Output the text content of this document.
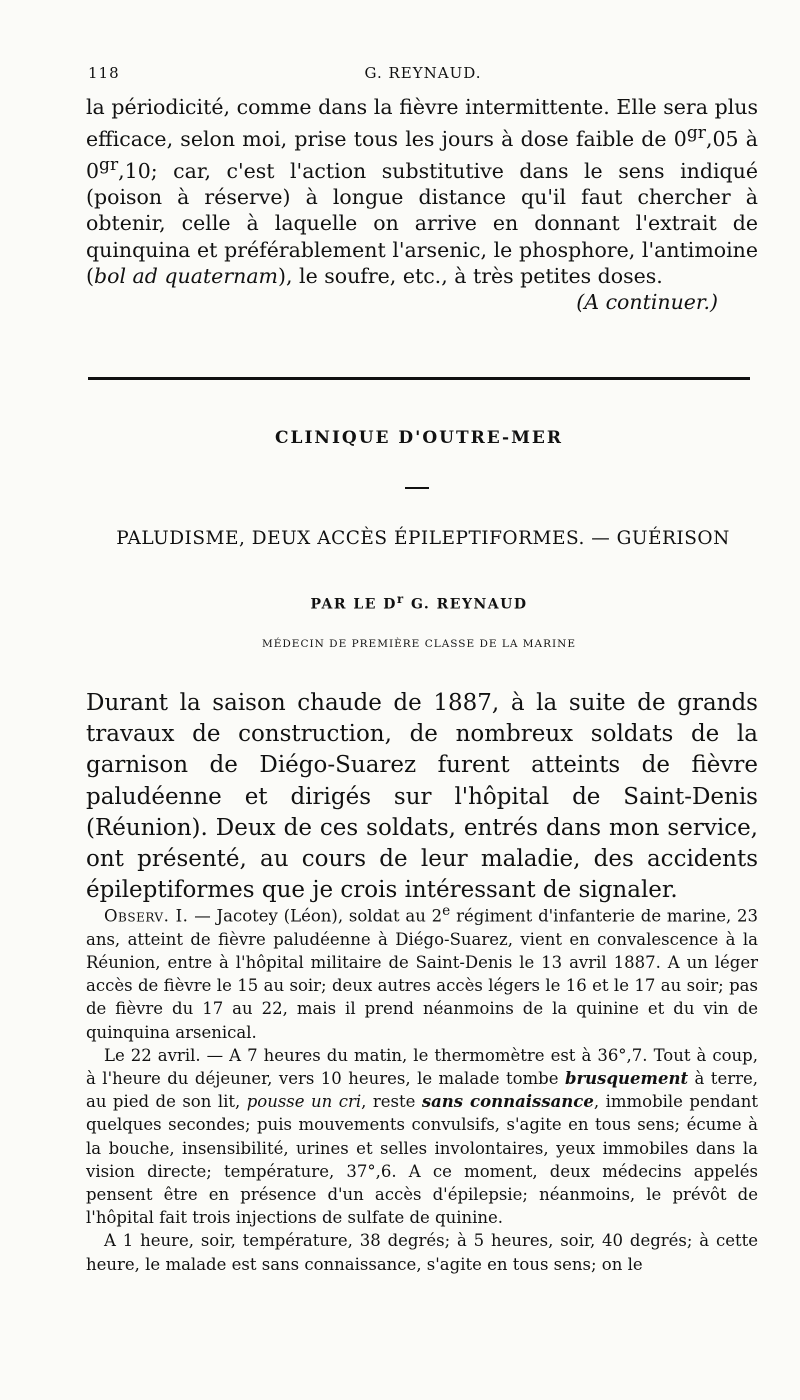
118	G. REYNAUD.

la périodicité, comme dans la fièvre intermittente. Elle sera plus efficace, selon moi, prise tous les jours à dose faible de $0^{gr},05$ à $0^{gr},10$; car, c'est l'action substitutive dans le sens indiqué (poison à réserve) à longue distance qu'il faut chercher à obtenir, celle à laquelle on arrive en donnant l'extrait de quinquina et préférablement l'arsenic, le phosphore, l'antimoine (bol ad quaternam), le soufre, etc., à très petites doses.

(A continuer.)

CLINIQUE D'OUTRE-MER
PALUDISME, DEUX ACCÈS ÉPILEPTIFORMES. — GUÉRISON
PAR LE $D^r$ G. REYNAUD
MÉDECIN DE PREMIÈRE CLASSE DE LA MARINE

Durant la saison chaude de 1887, à la suite de grands travaux de construction, de nombreux soldats de la garnison de Diégo-Suarez furent atteints de fièvre paludéenne et dirigés sur l'hôpital de Saint-Denis (Réunion). Deux de ces soldats, entrés dans mon service, ont présenté, au cours de leur maladie, des accidents épileptiformes que je crois intéressant de signaler.

Observ. I. — Jacotey (Léon), soldat au 2e régiment d'infanterie de marine, 23 ans, atteint de fièvre paludéenne à Diégo-Suarez, vient en convalescence à la Réunion, entre à l'hôpital militaire de Saint-Denis le 13 avril 1887. A un léger accès de fièvre le 15 au soir; deux autres accès légers le 16 et le 17 au soir; pas de fièvre du 17 au 22, mais il prend néanmoins de la quinine et du vin de quinquina arsenical.

Le 22 avril. — A 7 heures du matin, le thermomètre est à 36°,7. Tout à coup, à l'heure du déjeuner, vers 10 heures, le malade tombe brusquement à terre, au pied de son lit, pousse un cri, reste sans connaissance, immobile pendant quelques secondes; puis mouvements convulsifs, s'agite en tous sens; écume à la bouche, insensibilité, urines et selles involontaires, yeux immobiles dans la vision directe; température, 37°,6. A ce moment, deux médecins appelés pensent être en présence d'un accès d'épilepsie; néanmoins, le prévôt de l'hôpital fait trois injections de sulfate de quinine.

A 1 heure, soir, température, 38 degrés; à 5 heures, soir, 40 degrés; à cette heure, le malade est sans connaissance, s'agite en tous sens; on le
